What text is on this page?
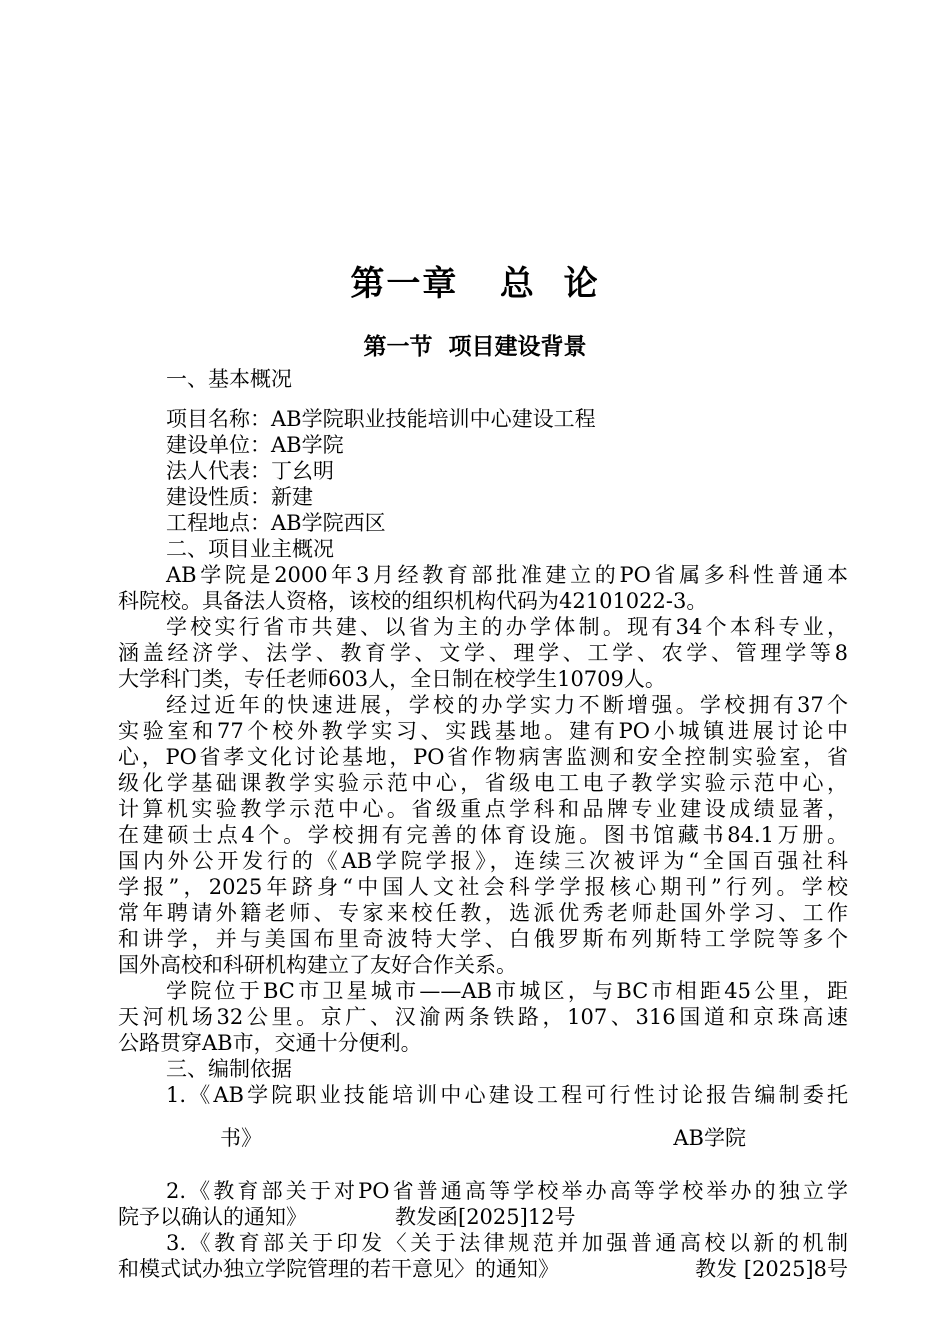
第一章   总  论
第一节  项目建设背景
一、基本概况
项目名称：AB学院职业技能培训中心建设工程
建设单位：AB学院
法人代表：丁幺明
建设性质：新建
工程地点：AB学院西区
二、项目业主概况
AB学院是2000年3月经教育部批准建立的PO省属多科性普通本
科院校。具备法人资格，该校的组织机构代码为42101022-3。
学校实行省市共建、以省为主的办学体制。现有34个本科专业，
涵盖经济学、法学、教育学、文学、理学、工学、农学、管理学等8
大学科门类，专任老师603人，全日制在校学生10709人。
经过近年的快速进展，学校的办学实力不断增强。学校拥有37个
实验室和77个校外教学实习、实践基地。建有PO小城镇进展讨论中
心，PO省孝文化讨论基地，PO省作物病害监测和安全控制实验室，省
级化学基础课教学实验示范中心，省级电工电子教学实验示范中心，
计算机实验教学示范中心。省级重点学科和品牌专业建设成绩显著，
在建硕士点4个。学校拥有完善的体育设施。图书馆藏书84.1万册。
国内外公开发行的《AB学院学报》，连续三次被评为“全国百强社科
学报”，2025年跻身“中国人文社会科学学报核心期刊”行列。学校
常年聘请外籍老师、专家来校任教，选派优秀老师赴国外学习、工作
和讲学，并与美国布里奇波特大学、白俄罗斯布列斯特工学院等多个
国外高校和科研机构建立了友好合作关系。
学院位于BC市卫星城市——AB市城区，与BC市相距45公里，距
天河机场32公里。京广、汉渝两条铁路，107、316国道和京珠高速
公路贯穿AB市，交通十分便利。
三、编制依据
1.《AB学院职业技能培训中心建设工程可行性讨论报告编制委托
书》	AB学院
2.《教育部关于对PO省普通高等学校举办高等学校举办的独立学
院予以确认的通知》	教发函[2025]12号
3.《教育部关于印发〈关于法律规范并加强普通高校以新的机制
和模式试办独立学院管理的若干意见〉的通知》	教发 [2025]8号
